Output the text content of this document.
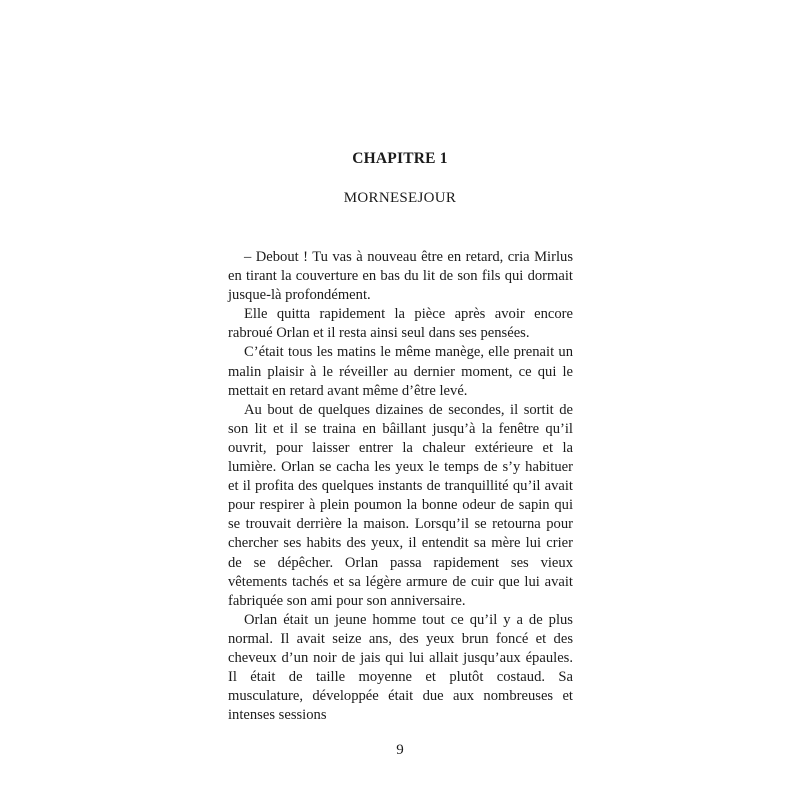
CHAPITRE 1
MORNESEJOUR

– Debout ! Tu vas à nouveau être en retard, cria Mirlus en tirant la couverture en bas du lit de son fils qui dormait jusque-là profondément.

Elle quitta rapidement la pièce après avoir encore rabroué Orlan et il resta ainsi seul dans ses pensées.

C’était tous les matins le même manège, elle prenait un malin plaisir à le réveiller au dernier moment, ce qui le mettait en retard avant même d’être levé.

Au bout de quelques dizaines de secondes, il sortit de son lit et il se traina en bâillant jusqu’à la fenêtre qu’il ouvrit, pour laisser entrer la chaleur extérieure et la lumière. Orlan se cacha les yeux le temps de s’y habituer et il profita des quelques instants de tranquillité qu’il avait pour respirer à plein poumon la bonne odeur de sapin qui se trouvait derrière la maison. Lorsqu’il se retourna pour chercher ses habits des yeux, il entendit sa mère lui crier de se dépêcher. Orlan passa rapidement ses vieux vêtements tachés et sa légère armure de cuir que lui avait fabriquée son ami pour son anniversaire.

Orlan était un jeune homme tout ce qu’il y a de plus normal. Il avait seize ans, des yeux brun foncé et des cheveux d’un noir de jais qui lui allait jusqu’aux épaules. Il était de taille moyenne et plutôt costaud. Sa musculature, développée était due aux nombreuses et intenses sessions

9
